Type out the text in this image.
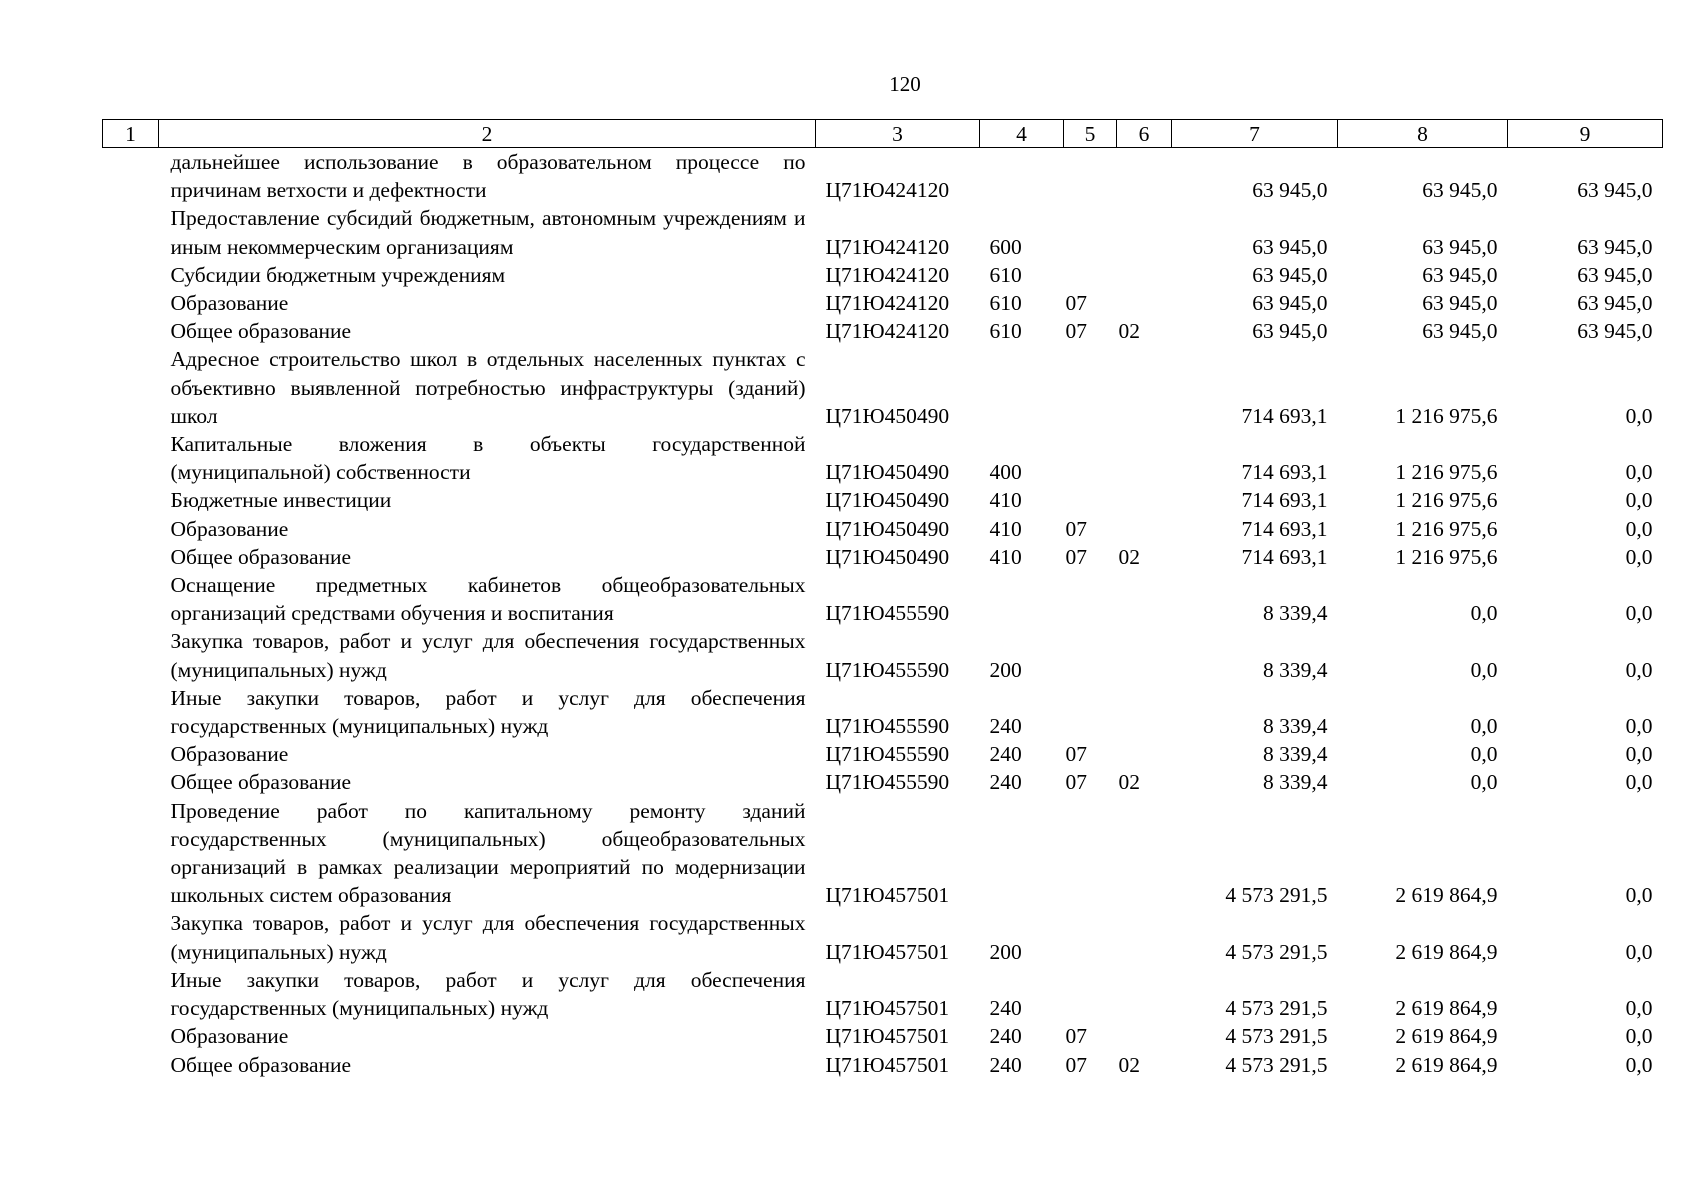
120
1	2	3	4	5	6	7	8	9
	дальнейшее использование в образовательном процессе по причинам ветхости и дефектности	Ц71Ю424120				63 945,0	63 945,0	63 945,0
	Предоставление субсидий бюджетным, автономным учреждениям и иным некоммерческим организациям	Ц71Ю424120	600			63 945,0	63 945,0	63 945,0
	Субсидии бюджетным учреждениям	Ц71Ю424120	610			63 945,0	63 945,0	63 945,0
	Образование	Ц71Ю424120	610	07		63 945,0	63 945,0	63 945,0
	Общее образование	Ц71Ю424120	610	07	02	63 945,0	63 945,0	63 945,0
	Адресное строительство школ в отдельных населенных пунктах с объективно выявленной потребностью инфраструктуры (зданий) школ	Ц71Ю450490				714 693,1	1 216 975,6	0,0
	Капитальные вложения в объекты государственной (муниципальной) собственности	Ц71Ю450490	400			714 693,1	1 216 975,6	0,0
	Бюджетные инвестиции	Ц71Ю450490	410			714 693,1	1 216 975,6	0,0
	Образование	Ц71Ю450490	410	07		714 693,1	1 216 975,6	0,0
	Общее образование	Ц71Ю450490	410	07	02	714 693,1	1 216 975,6	0,0
	Оснащение предметных кабинетов общеобразовательных организаций средствами обучения и воспитания	Ц71Ю455590				8 339,4	0,0	0,0
	Закупка товаров, работ и услуг для обеспечения государственных (муниципальных) нужд	Ц71Ю455590	200			8 339,4	0,0	0,0
	Иные закупки товаров, работ и услуг для обеспечения государственных (муниципальных) нужд	Ц71Ю455590	240			8 339,4	0,0	0,0
	Образование	Ц71Ю455590	240	07		8 339,4	0,0	0,0
	Общее образование	Ц71Ю455590	240	07	02	8 339,4	0,0	0,0
	Проведение работ по капитальному ремонту зданий государственных (муниципальных) общеобразовательных организаций в рамках реализации мероприятий по модернизации школьных систем образования	Ц71Ю457501				4 573 291,5	2 619 864,9	0,0
	Закупка товаров, работ и услуг для обеспечения государственных (муниципальных) нужд	Ц71Ю457501	200			4 573 291,5	2 619 864,9	0,0
	Иные закупки товаров, работ и услуг для обеспечения государственных (муниципальных) нужд	Ц71Ю457501	240			4 573 291,5	2 619 864,9	0,0
	Образование	Ц71Ю457501	240	07		4 573 291,5	2 619 864,9	0,0
	Общее образование	Ц71Ю457501	240	07	02	4 573 291,5	2 619 864,9	0,0
